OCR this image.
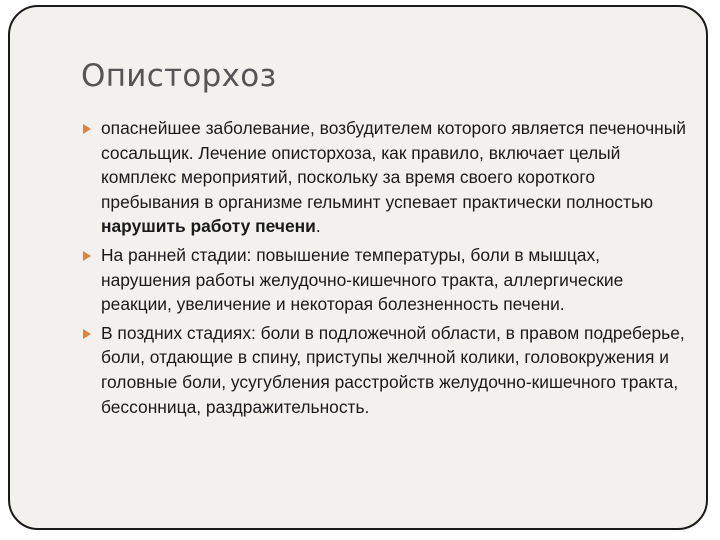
Описторхоз
опаснейшее заболевание, возбудителем которого является печеночный сосальщик. Лечение описторхоза, как правило, включает целый комплекс мероприятий, поскольку за время своего короткого пребывания в организме гельминт успевает практически полностью нарушить работу печени.
На ранней стадии: повышение температуры, боли в мышцах, нарушения работы желудочно-кишечного тракта, аллергические реакции, увеличение и некоторая болезненность печени.
В поздних стадиях: боли в подложечной области, в правом подреберье, боли, отдающие в спину, приступы желчной колики, головокружения и головные боли, усугубления расстройств желудочно-кишечного тракта, бессонница, раздражительность.
